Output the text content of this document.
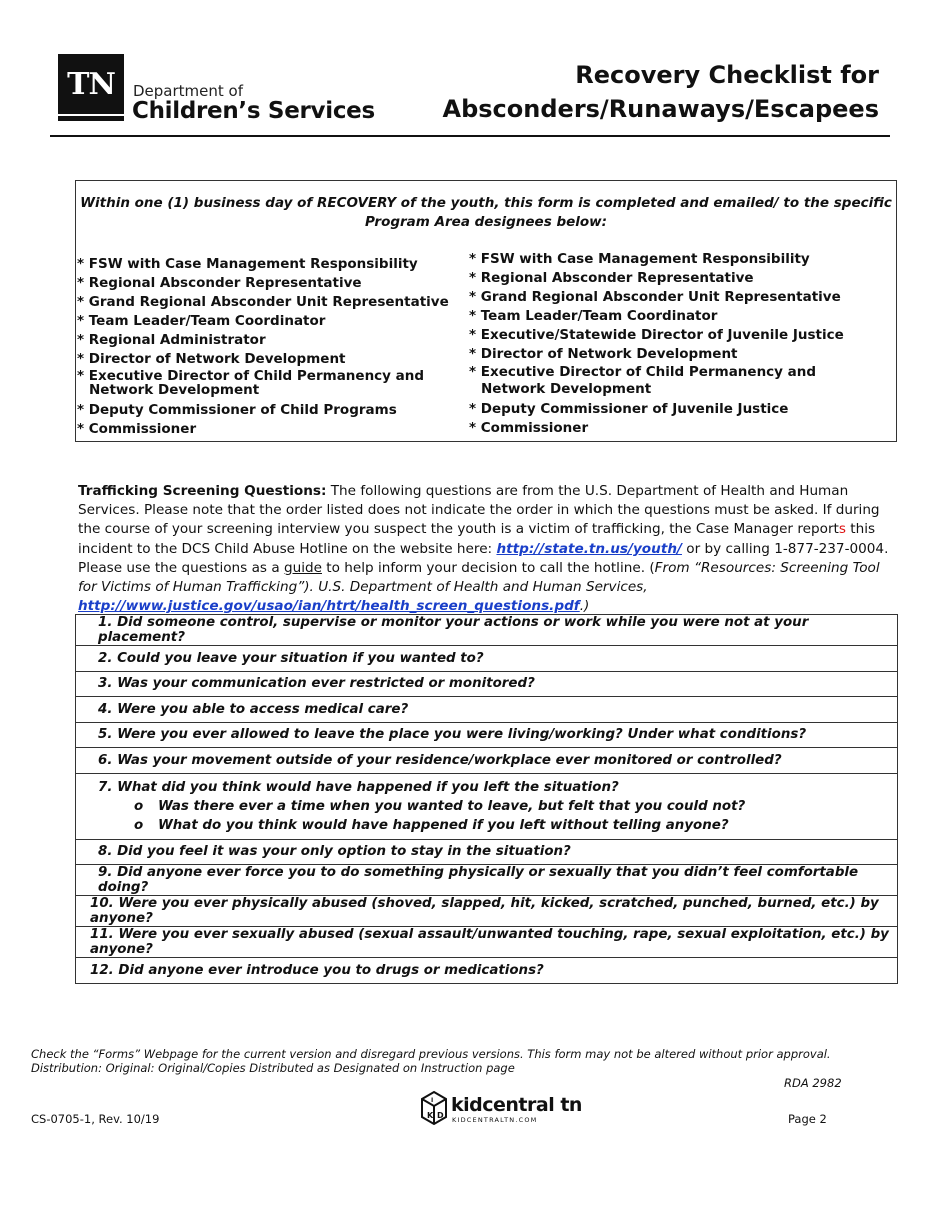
TN	Department of
Children’s Services
Recovery Checklist for
Absconders/Runaways/Escapees
Within one (1) business day of RECOVERY of the youth, this form is completed and emailed/ to the specific Program Area designees below:
* FSW with Case Management Responsibility
* Regional Absconder Representative
* Grand Regional Absconder Unit Representative
* Team Leader/Team Coordinator
* Regional Administrator
* Director of Network Development
* Executive Director of Child Permanency and
Network Development
* Deputy Commissioner of Child Programs
* Commissioner
* FSW with Case Management Responsibility
* Regional Absconder Representative
* Grand Regional Absconder Unit Representative
* Team Leader/Team Coordinator
* Executive/Statewide Director of Juvenile Justice
* Director of Network Development
* Executive Director of Child Permanency and
Network Development
* Deputy Commissioner of Juvenile Justice
* Commissioner
Trafficking Screening Questions: The following questions are from the U.S. Department of Health and Human Services. Please note that the order listed does not indicate the order in which the questions must be asked. If during the course of your screening interview you suspect the youth is a victim of trafficking, the Case Manager reports this incident to the DCS Child Abuse Hotline on the website here: http://state.tn.us/youth/ or by calling 1-877-237-0004. Please use the questions as a guide to help inform your decision to call the hotline. (From “Resources: Screening Tool for Victims of Human Trafficking”). U.S. Department of Health and Human Services, http://www.justice.gov/usao/ian/htrt/health_screen_questions.pdf.)
1. Did someone control, supervise or monitor your actions or work while you were not at your placement?
2. Could you leave your situation if you wanted to?
3. Was your communication ever restricted or monitored?
4. Were you able to access medical care?
5. Were you ever allowed to leave the place you were living/working? Under what conditions?
6. Was your movement outside of your residence/workplace ever monitored or controlled?

7. What did you think would have happened if you left the situation?
o Was there ever a time when you wanted to leave, but felt that you could not?
o What do you think would have happened if you left without telling anyone?

8. Did you feel it was your only option to stay in the situation?
9. Did anyone ever force you to do something physically or sexually that you didn’t feel comfortable doing?
10. Were you ever physically abused (shoved, slapped, hit, kicked, scratched, punched, burned, etc.) by anyone?
11. Were you ever sexually abused (sexual assault/unwanted touching, rape, sexual exploitation, etc.) by anyone?
12. Did anyone ever introduce you to drugs or medications?
Check the “Forms” Webpage for the current version and disregard previous versions. This form may not be altered without prior approval.
Distribution: Original: Original/Copies Distributed as Designated on Instruction page
RDA 2982
CS-0705-1, Rev. 10/19	Page 2
K D
I kidcentral tn
KIDCENTRALTN.COM
